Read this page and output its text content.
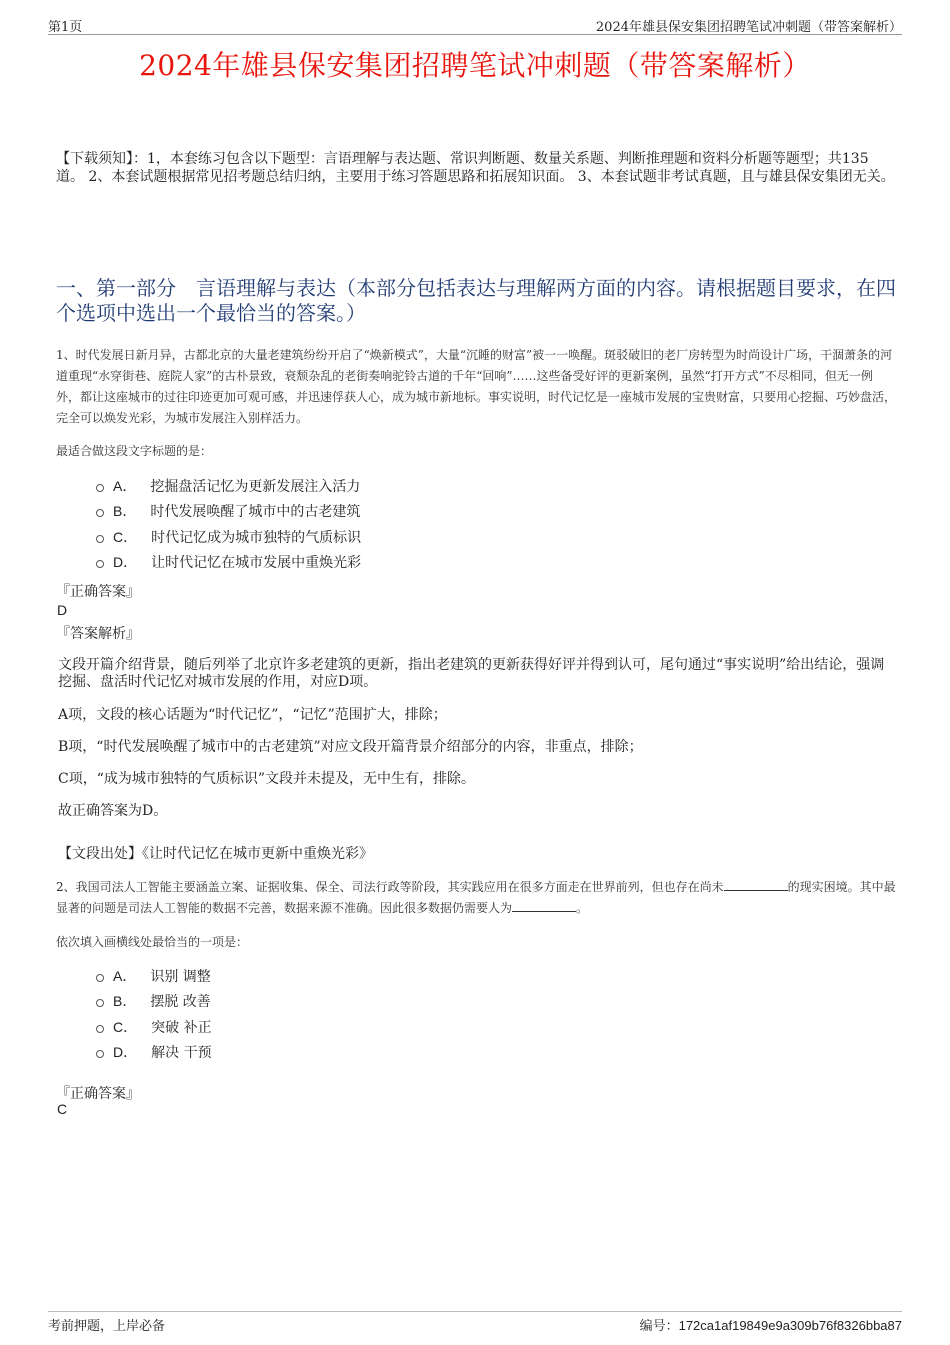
第1页	2024年雄县保安集团招聘笔试冲刺题（带答案解析）
2024年雄县保安集团招聘笔试冲刺题（带答案解析）
【下载须知】：1，本套练习包含以下题型：言语理解与表达题、常识判断题、数量关系题、判断推理题和资料分析题等题型；共135道。 2、本套试题根据常见招考题总结归纳，主要用于练习答题思路和拓展知识面。 3、本套试题非考试真题，且与雄县保安集团无关。
一、第一部分　言语理解与表达（本部分包括表达与理解两方面的内容。请根据题目要求，在四个选项中选出一个最恰当的答案。）
1、时代发展日新月异，古都北京的大量老建筑纷纷开启了“焕新模式”，大量“沉睡的财富”被一一唤醒。斑驳破旧的老厂房转型为时尚设计广场，干涸萧条的河道重现“水穿街巷、庭院人家”的古朴景致，衰颓杂乱的老街奏响驼铃古道的千年“回响”……这些备受好评的更新案例，虽然“打开方式”不尽相同，但无一例外，都让这座城市的过往印迹更加可观可感，并迅速俘获人心，成为城市新地标。事实说明，时代记忆是一座城市发展的宝贵财富，只要用心挖掘、巧妙盘活，完全可以焕发光彩，为城市发展注入别样活力。
最适合做这段文字标题的是：
A． 挖掘盘活记忆为更新发展注入活力
B． 时代发展唤醒了城市中的古老建筑
C． 时代记忆成为城市独特的气质标识
D． 让时代记忆在城市发展中重焕光彩
『正确答案』
D
『答案解析』

文段开篇介绍背景，随后列举了北京许多老建筑的更新，指出老建筑的更新获得好评并得到认可，尾句通过“事实说明”给出结论，强调挖掘、盘活时代记忆对城市发展的作用，对应D项。

A项，文段的核心话题为“时代记忆”，“记忆”范围扩大，排除；

B项，“时代发展唤醒了城市中的古老建筑”对应文段开篇背景介绍部分的内容，非重点，排除；

C项，“成为城市独特的气质标识”文段并未提及，无中生有，排除。

故正确答案为D。

【文段出处】《让时代记忆在城市更新中重焕光彩》
2、我国司法人工智能主要涵盖立案、证据收集、保全、司法行政等阶段，其实践应用在很多方面走在世界前列，但也存在尚未	的现实困境。其中最显著的问题是司法人工智能的数据不完善，数据来源不准确。因此很多数据仍需要人为	。
依次填入画横线处最恰当的一项是：
A． 识别 调整
B． 摆脱 改善
C． 突破 补正
D． 解决 干预
『正确答案』
C
考前押题，上岸必备	编号：172ca1af19849e9a309b76f8326bba87
